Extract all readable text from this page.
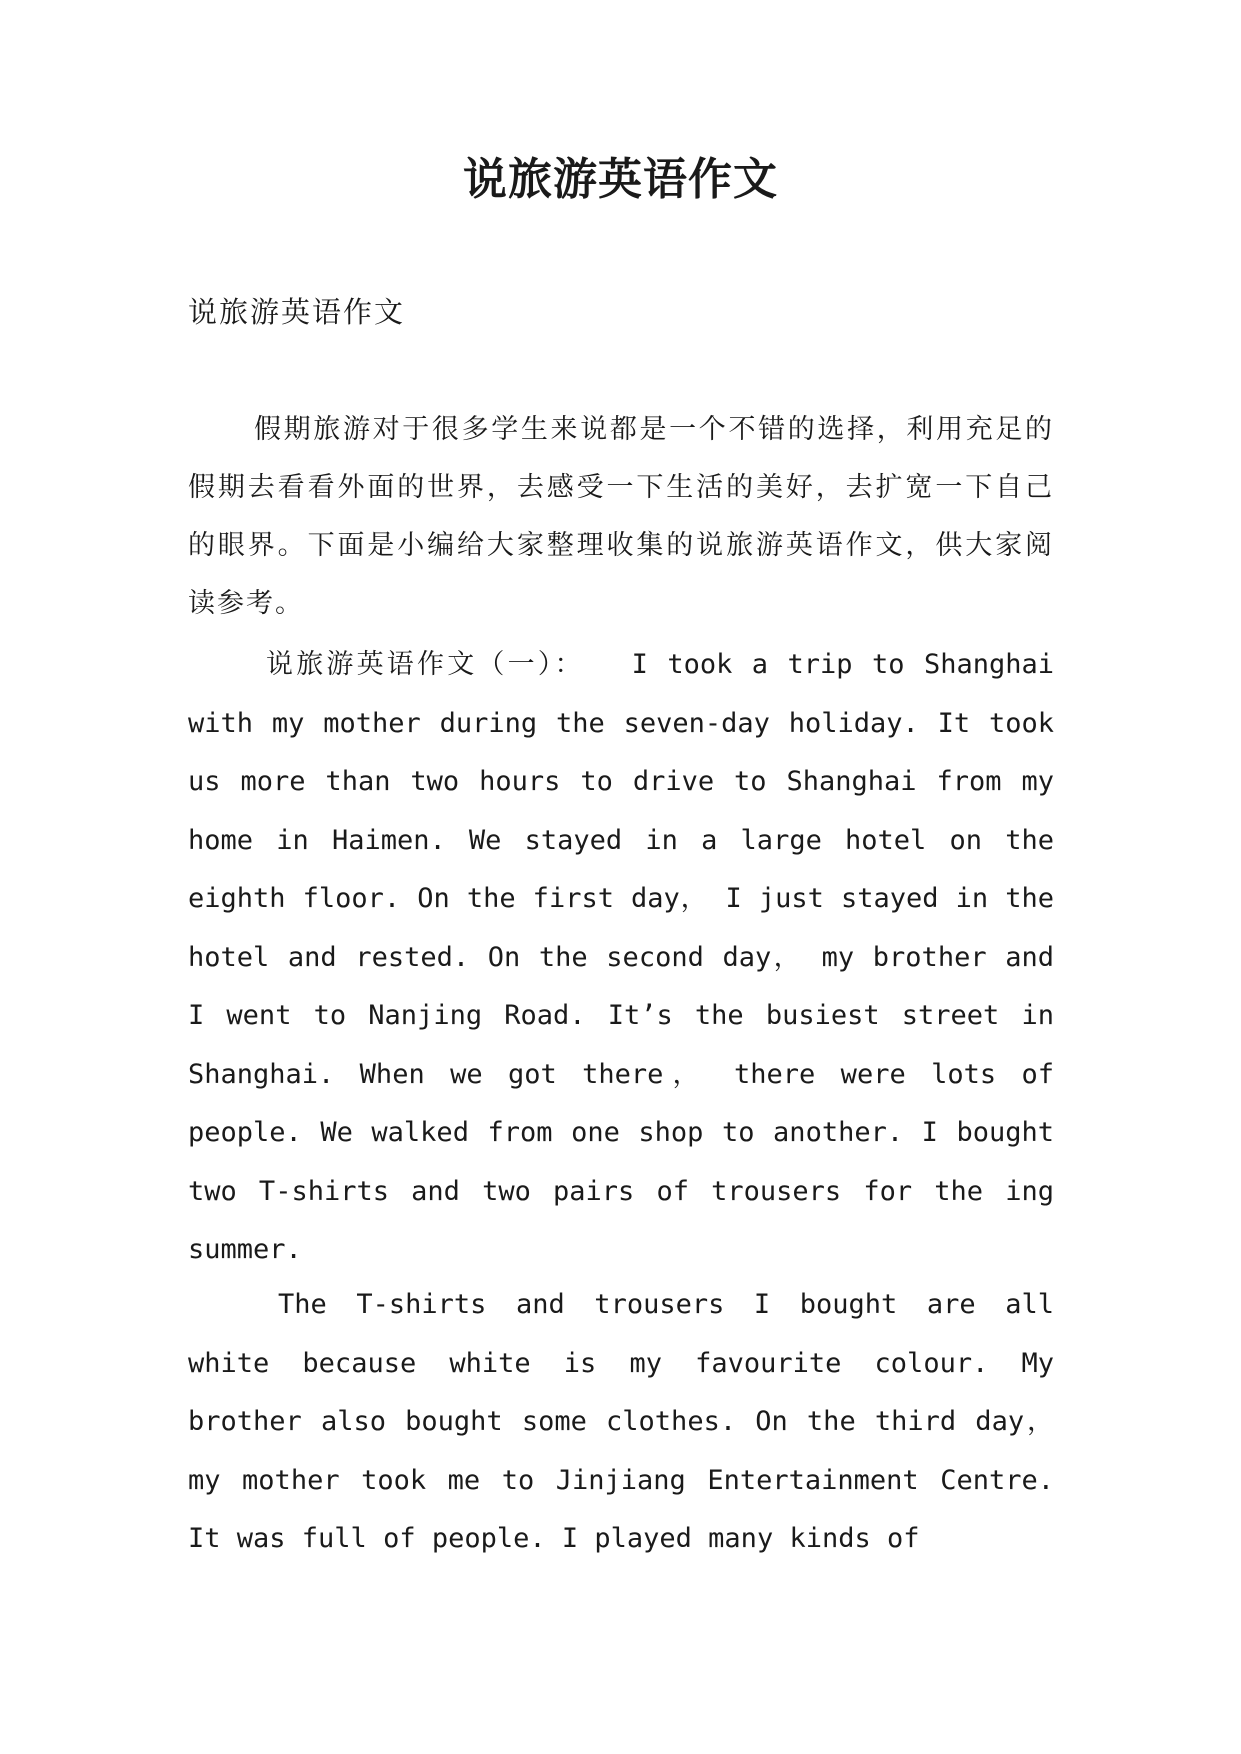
说旅游英语作文

说旅游英语作文

假期旅游对于很多学生来说都是一个不错的选择，利用充足的假期去看看外面的世界，去感受一下生活的美好，去扩宽一下自己的眼界。下面是小编给大家整理收集的说旅游英语作文，供大家阅读参考。

说旅游英语作文（一）：　　I took a trip to Shanghai with my mother during the seven-day holiday. It took us more than two hours to drive to Shanghai from my home in Haimen. We stayed in a large hotel on the eighth floor. On the first day， I just stayed in the hotel and rested. On the second day， my brother and I went to Nanjing Road. It’s the busiest street in Shanghai. When we got there， there were lots of people. We walked from one shop to another. I bought two T-shirts and two pairs of trousers for the ing summer.

The T-shirts and trousers I bought are all white because white is my favourite colour. My brother also bought some clothes. On the third day， my mother took me to Jinjiang Entertainment Centre. It was full of people. I played many kinds of
